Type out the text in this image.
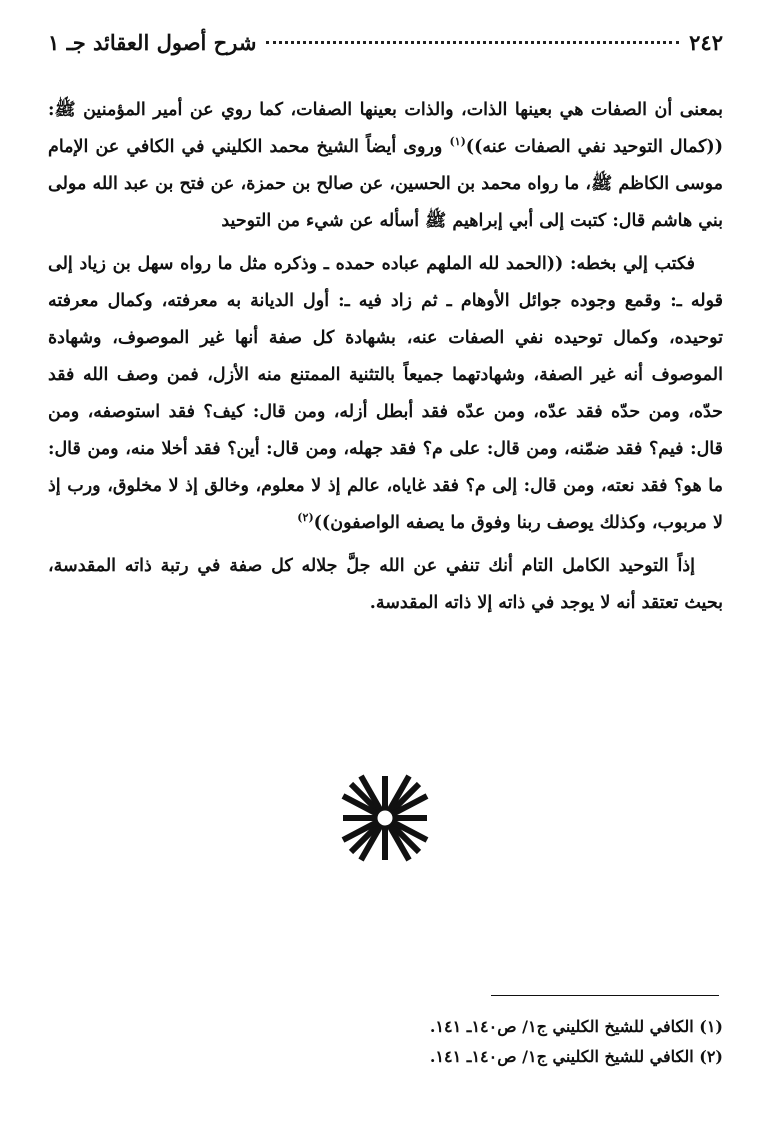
٢٤٢
شرح أصول العقائد جـ ١

بمعنى أن الصفات هي بعينها الذات، والذات بعينها الصفات، كما روي عن أمير المؤمنين ﷺ: ((كمال التوحيد نفي الصفات عنه))$^{(١)}$ وروى أيضاً الشيخ محمد الكليني في الكافي عن الإمام موسى الكاظم ﷺ، ما رواه محمد بن الحسين، عن صالح بن حمزة، عن فتح بن عبد الله مولى بني هاشم قال: كتبت إلى أبي إبراهيم ﷺ أسأله عن شيء من التوحيد

فكتب إلي بخطه: ((الحمد لله الملهم عباده حمده ـ وذكره مثل ما رواه سهل بن زياد إلى قوله ـ: وقمع وجوده جوائل الأوهام ـ ثم زاد فيه ـ: أول الديانة به معرفته، وكمال معرفته توحيده، وكمال توحيده نفي الصفات عنه، بشهادة كل صفة أنها غير الموصوف، وشهادة الموصوف أنه غير الصفة، وشهادتهما جميعاً بالتثنية الممتنع منه الأزل، فمن وصف الله فقد حدّه، ومن حدّه فقد عدّه، ومن عدّه فقد أبطل أزله، ومن قال: كيف؟ فقد استوصفه، ومن قال: فيم؟ فقد ضمّنه، ومن قال: على م؟ فقد جهله، ومن قال: أين؟ فقد أخلا منه، ومن قال: ما هو؟ فقد نعته، ومن قال: إلى م؟ فقد غاياه، عالم إذ لا معلوم، وخالق إذ لا مخلوق، ورب إذ لا مربوب، وكذلك يوصف ربنا وفوق ما يصفه الواصفون))$^{(٢)}$

إذاً التوحيد الكامل التام أنك تنفي عن الله جلَّ جلاله كل صفة في رتبة ذاته المقدسة، بحيث تعتقد أنه لا يوجد في ذاته إلا ذاته المقدسة.

(١) الكافي للشيخ الكليني ج١/ ص١٤٠ـ ١٤١.
(٢) الكافي للشيخ الكليني ج١/ ص١٤٠ـ ١٤١.
